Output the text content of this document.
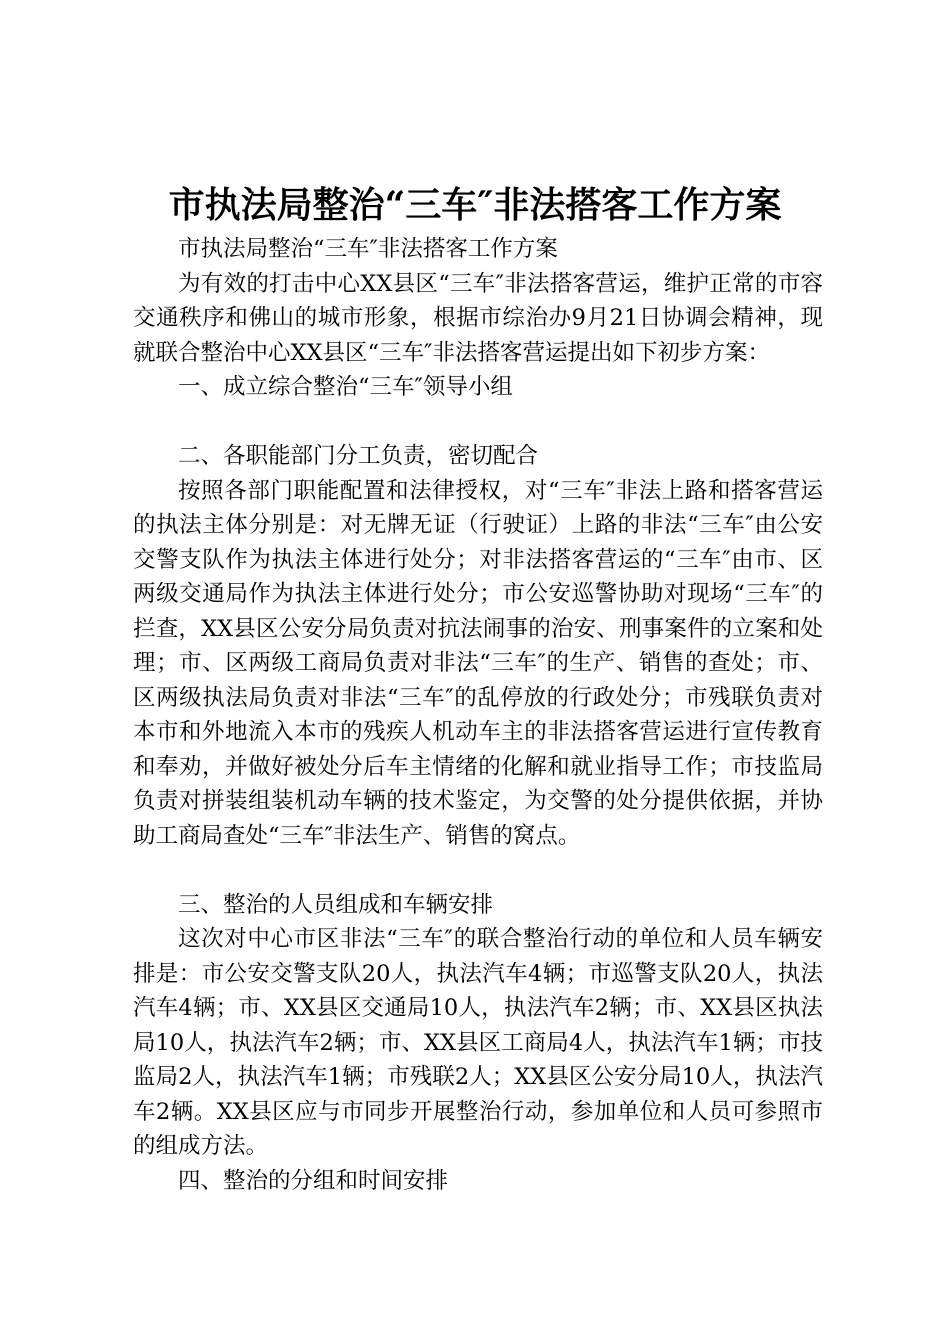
市执法局整治“三车″非法搭客工作方案

市执法局整治“三车″非法搭客工作方案

为有效的打击中心XX县区“三车″非法搭客营运，维护正常的市容交通秩序和佛山的城市形象，根据市综治办9月21日协调会精神，现就联合整治中心XX县区“三车″非法搭客营运提出如下初步方案：

一、成立综合整治“三车″领导小组

二、各职能部门分工负责，密切配合

按照各部门职能配置和法律授权，对“三车″非法上路和搭客营运的执法主体分别是：对无牌无证（行驶证）上路的非法“三车″由公安交警支队作为执法主体进行处分；对非法搭客营运的“三车″由市、区两级交通局作为执法主体进行处分；市公安巡警协助对现场“三车″的拦查，XX县区公安分局负责对抗法闹事的治安、刑事案件的立案和处理；市、区两级工商局负责对非法“三车″的生产、销售的查处；市、区两级执法局负责对非法“三车″的乱停放的行政处分；市残联负责对本市和外地流入本市的残疾人机动车主的非法搭客营运进行宣传教育和奉劝，并做好被处分后车主情绪的化解和就业指导工作；市技监局负责对拼装组装机动车辆的技术鉴定，为交警的处分提供依据，并协助工商局查处“三车″非法生产、销售的窝点。

三、整治的人员组成和车辆安排

这次对中心市区非法“三车″的联合整治行动的单位和人员车辆安排是：市公安交警支队20人，执法汽车4辆；市巡警支队20人，执法汽车4辆；市、XX县区交通局10人，执法汽车2辆；市、XX县区执法局10人，执法汽车2辆；市、XX县区工商局4人，执法汽车1辆；市技监局2人，执法汽车1辆；市残联2人；XX县区公安分局10人，执法汽车2辆。XX县区应与市同步开展整治行动，参加单位和人员可参照市的组成方法。

四、整治的分组和时间安排
